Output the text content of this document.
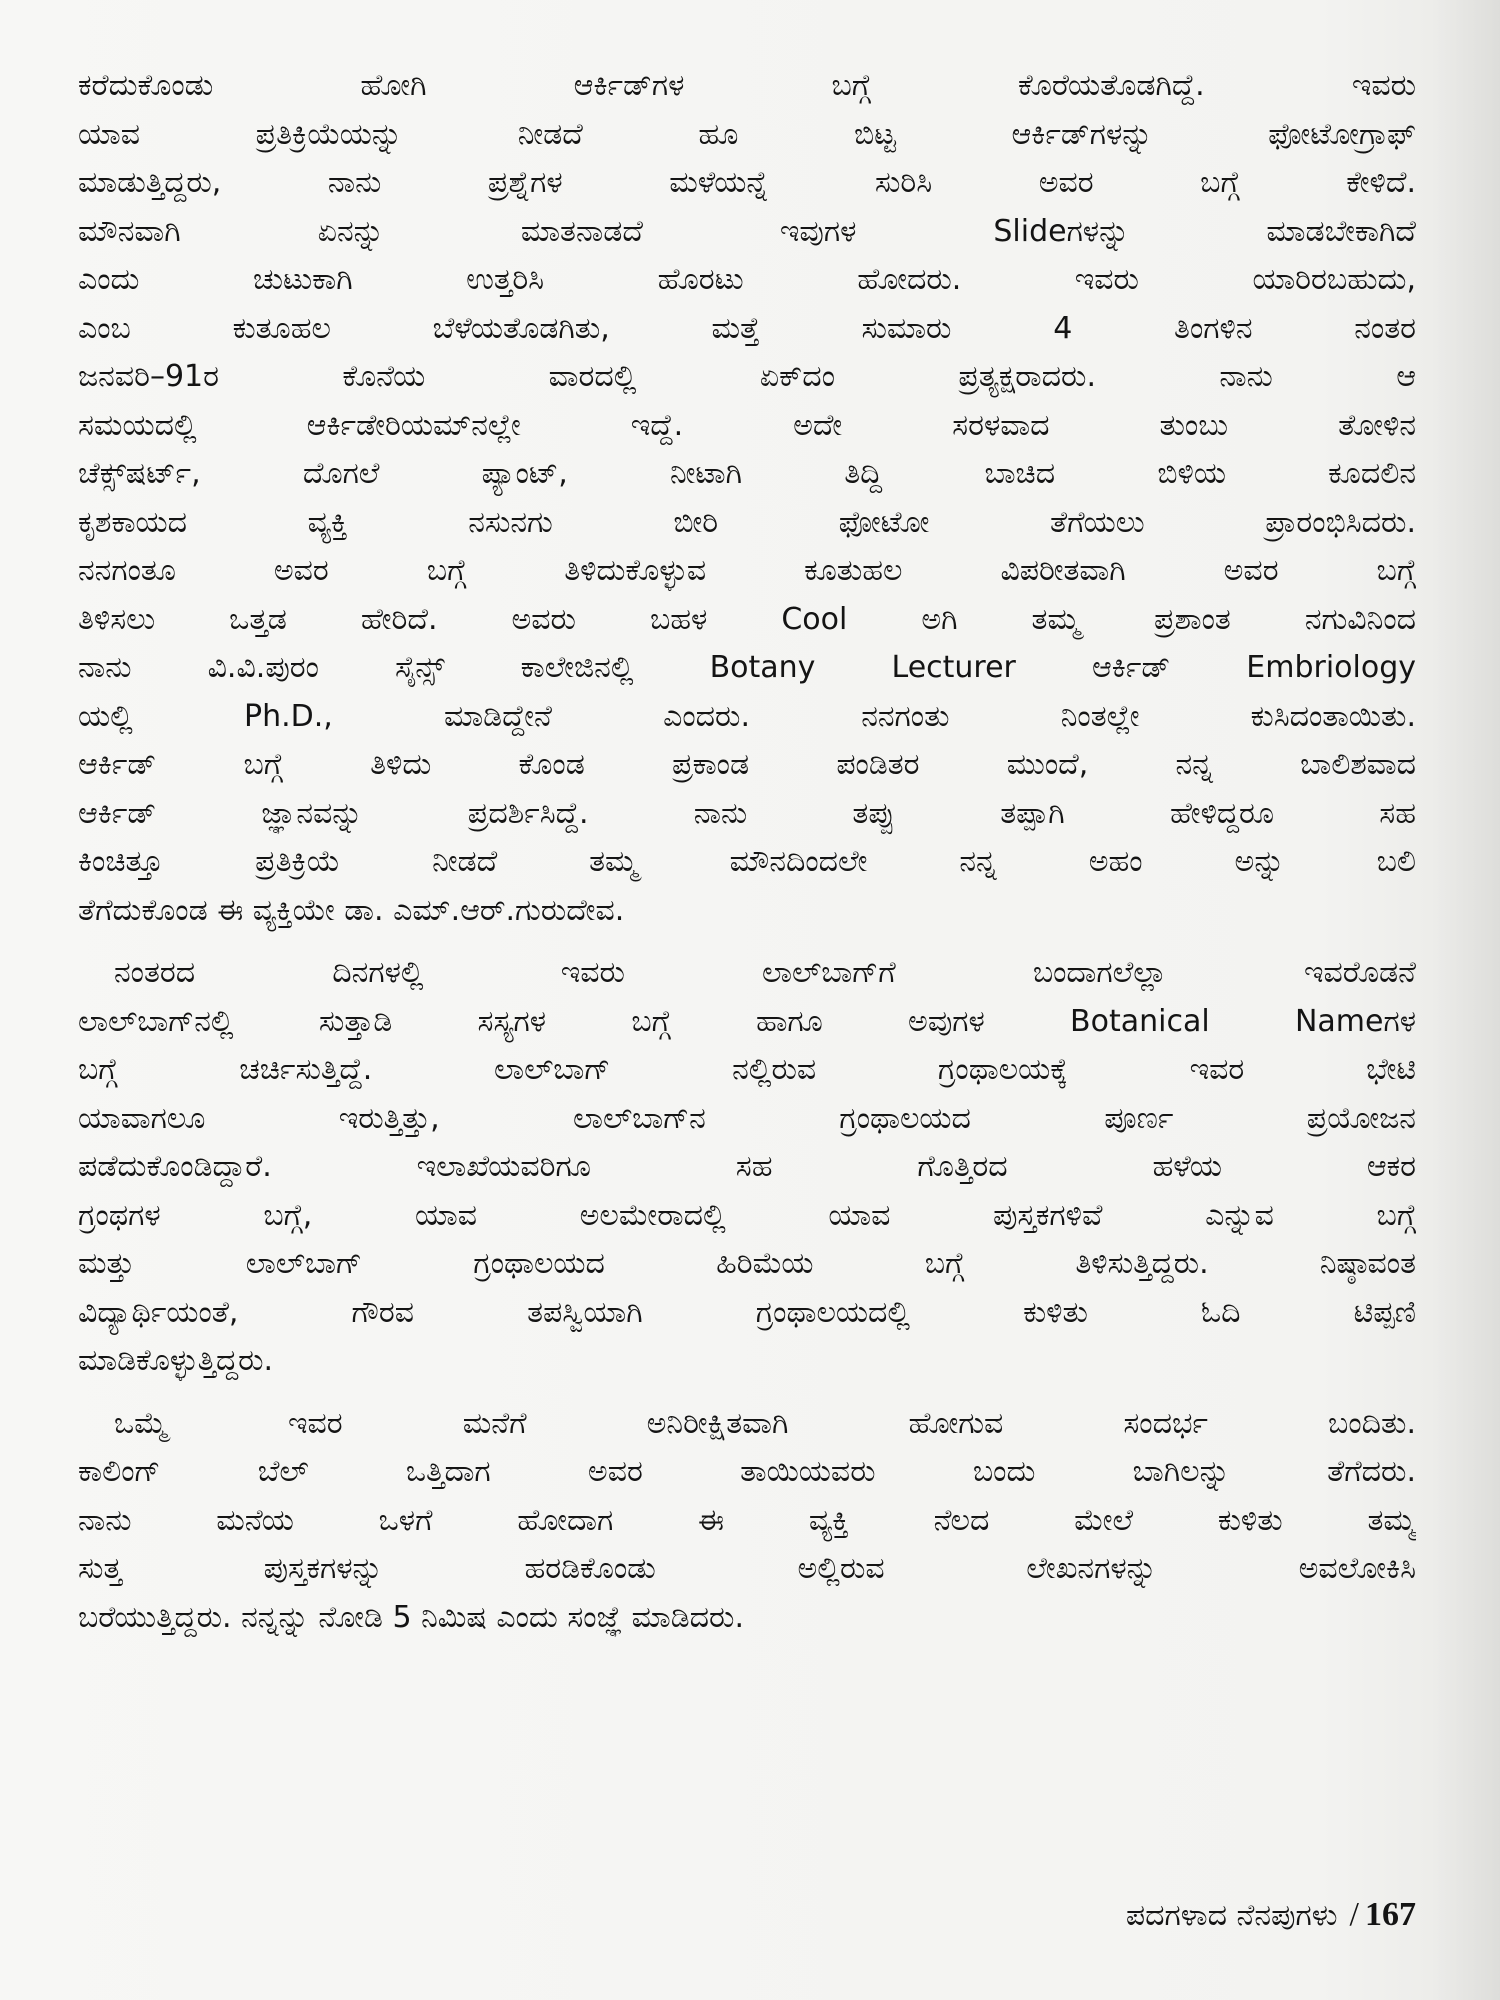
ಕರೆದುಕೊಂಡು ಹೋಗಿ ಆರ್ಕಿಡ್‌ಗಳ ಬಗ್ಗೆ ಕೊರೆಯತೊಡಗಿದ್ದೆ. ಇವರು
ಯಾವ ಪ್ರತಿಕ್ರಿಯೆಯನ್ನು ನೀಡದೆ ಹೂ ಬಿಟ್ಟ ಆರ್ಕಿಡ್‌ಗಳನ್ನು ಫೋಟೋಗ್ರಾಫ್
ಮಾಡುತ್ತಿದ್ದರು, ನಾನು ಪ್ರಶ್ನೆಗಳ ಮಳೆಯನ್ನೆ ಸುರಿಸಿ ಅವರ ಬಗ್ಗೆ ಕೇಳಿದೆ.
ಮೌನವಾಗಿ ಏನನ್ನು ಮಾತನಾಡದೆ ಇವುಗಳ Slideಗಳನ್ನು ಮಾಡಬೇಕಾಗಿದೆ
ಎಂದು ಚುಟುಕಾಗಿ ಉತ್ತರಿಸಿ ಹೊರಟು ಹೋದರು. ಇವರು ಯಾರಿರಬಹುದು,
ಎಂಬ ಕುತೂಹಲ ಬೆಳೆಯತೊಡಗಿತು, ಮತ್ತೆ ಸುಮಾರು 4 ತಿಂಗಳಿನ ನಂತರ
ಜನವರಿ–91ರ ಕೊನೆಯ ವಾರದಲ್ಲಿ ಏಕ್‌ದಂ ಪ್ರತ್ಯಕ್ಷರಾದರು. ನಾನು ಆ
ಸಮಯದಲ್ಲಿ ಆರ್ಕಿಡೇರಿಯಮ್‌ನಲ್ಲೇ ಇದ್ದೆ. ಅದೇ ಸರಳವಾದ ತುಂಬು ತೋಳಿನ
ಚೆಕ್ಸ್‌ಷರ್ಟ್, ದೊಗಲೆ ಪ್ಯಾಂಟ್, ನೀಟಾಗಿ ತಿದ್ದಿ ಬಾಚಿದ ಬಿಳಿಯ ಕೂದಲಿನ
ಕೃಶಕಾಯದ ವ್ಯಕ್ತಿ ನಸುನಗು ಬೀರಿ ಫೋಟೋ ತೆಗೆಯಲು ಪ್ರಾರಂಭಿಸಿದರು.
ನನಗಂತೂ ಅವರ ಬಗ್ಗೆ ತಿಳಿದುಕೊಳ್ಳುವ ಕೂತುಹಲ ವಿಪರೀತವಾಗಿ ಅವರ ಬಗ್ಗೆ
ತಿಳಿಸಲು ಒತ್ತಡ ಹೇರಿದೆ. ಅವರು ಬಹಳ Cool ಅಗಿ ತಮ್ಮ ಪ್ರಶಾಂತ ನಗುವಿನಿಂದ
ನಾನು ವಿ.ವಿ.ಪುರಂ ಸೈನ್ಸ್ ಕಾಲೇಜಿನಲ್ಲಿ Botany Lecturer ಆರ್ಕಿಡ್ Embriology
ಯಲ್ಲಿ Ph.D., ಮಾಡಿದ್ದೇನೆ ಎಂದರು. ನನಗಂತು ನಿಂತಲ್ಲೇ ಕುಸಿದಂತಾಯಿತು.
ಆರ್ಕಿಡ್ ಬಗ್ಗೆ ತಿಳಿದು ಕೊಂಡ ಪ್ರಕಾಂಡ ಪಂಡಿತರ ಮುಂದೆ, ನನ್ನ ಬಾಲಿಶವಾದ
ಆರ್ಕಿಡ್ ಜ್ಞಾನವನ್ನು ಪ್ರದರ್ಶಿಸಿದ್ದೆ. ನಾನು ತಪ್ಪು ತಪ್ಪಾಗಿ ಹೇಳಿದ್ದರೂ ಸಹ
ಕಿಂಚಿತ್ತೂ ಪ್ರತಿಕ್ರಿಯೆ ನೀಡದೆ ತಮ್ಮ ಮೌನದಿಂದಲೇ ನನ್ನ ಅಹಂ ಅನ್ನು ಬಲಿ
ತೆಗೆದುಕೊಂಡ ಈ ವ್ಯಕ್ತಿಯೇ ಡಾ. ಎಮ್.ಆರ್.ಗುರುದೇವ.
ನಂತರದ ದಿನಗಳಲ್ಲಿ ಇವರು ಲಾಲ್‌ಬಾಗ್‌ಗೆ ಬಂದಾಗಲೆಲ್ಲಾ ಇವರೊಡನೆ
ಲಾಲ್‌ಬಾಗ್‌ನಲ್ಲಿ ಸುತ್ತಾಡಿ ಸಸ್ಯಗಳ ಬಗ್ಗೆ ಹಾಗೂ ಅವುಗಳ Botanical Nameಗಳ
ಬಗ್ಗೆ ಚರ್ಚಿಸುತ್ತಿದ್ದೆ. ಲಾಲ್‌ಬಾಗ್ ನಲ್ಲಿರುವ ಗ್ರಂಥಾಲಯಕ್ಕೆ ಇವರ ಭೇಟಿ
ಯಾವಾಗಲೂ ಇರುತ್ತಿತ್ತು, ಲಾಲ್‌ಬಾಗ್‌ನ ಗ್ರಂಥಾಲಯದ ಪೂರ್ಣ ಪ್ರಯೋಜನ
ಪಡೆದುಕೊಂಡಿದ್ದಾರೆ. ಇಲಾಖೆಯವರಿಗೂ ಸಹ ಗೊತ್ತಿರದ ಹಳೆಯ ಆಕರ
ಗ್ರಂಥಗಳ ಬಗ್ಗೆ, ಯಾವ ಅಲಮೇರಾದಲ್ಲಿ ಯಾವ ಪುಸ್ತಕಗಳಿವೆ ಎನ್ನುವ ಬಗ್ಗೆ
ಮತ್ತು ಲಾಲ್‌ಬಾಗ್ ಗ್ರಂಥಾಲಯದ ಹಿರಿಮೆಯ ಬಗ್ಗೆ ತಿಳಿಸುತ್ತಿದ್ದರು. ನಿಷ್ಠಾವಂತ
ವಿದ್ಯಾರ್ಥಿಯಂತೆ, ಗೌರವ ತಪಸ್ವಿಯಾಗಿ ಗ್ರಂಥಾಲಯದಲ್ಲಿ ಕುಳಿತು ಓದಿ ಟಿಪ್ಪಣಿ
ಮಾಡಿಕೊಳ್ಳುತ್ತಿದ್ದರು.
ಒಮ್ಮೆ ಇವರ ಮನೆಗೆ ಅನಿರೀಕ್ಷಿತವಾಗಿ ಹೋಗುವ ಸಂದರ್ಭ ಬಂದಿತು.
ಕಾಲಿಂಗ್ ಬೆಲ್ ಒತ್ತಿದಾಗ ಅವರ ತಾಯಿಯವರು ಬಂದು ಬಾಗಿಲನ್ನು ತೆಗೆದರು.
ನಾನು ಮನೆಯ ಒಳಗೆ ಹೋದಾಗ ಈ ವ್ಯಕ್ತಿ ನೆಲದ ಮೇಲೆ ಕುಳಿತು ತಮ್ಮ
ಸುತ್ತ ಪುಸ್ತಕಗಳನ್ನು ಹರಡಿಕೊಂಡು ಅಲ್ಲಿರುವ ಲೇಖನಗಳನ್ನು ಅವಲೋಕಿಸಿ
ಬರೆಯುತ್ತಿದ್ದರು. ನನ್ನನ್ನು ನೋಡಿ 5 ನಿಮಿಷ ಎಂದು ಸಂಜ್ಞೆ ಮಾಡಿದರು.
ಪದಗಳಾದ ನೆನಪುಗಳು / 167
